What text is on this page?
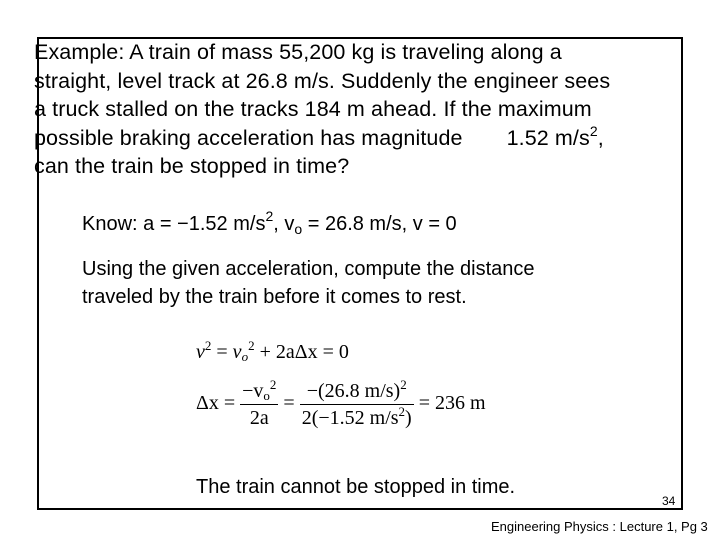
Example: A train of mass 55,200 kg is traveling along a
straight, level track at 26.8 m/s. Suddenly the engineer sees
a truck stalled on the tracks 184 m ahead. If the maximum
possible braking acceleration has magnitude 1.52 $m/s^2$,
can the train be stopped in time?
Know: a = −1.52 $m/s^2$, $v_o = 26.8$ m/s, v = 0
Using the given acceleration, compute the distance
traveled by the train before it comes to rest.
$v^2 = v_o^2 + 2a\Delta x = 0$
$\Delta x = \frac{-v_o^2}{2a} = \frac{-(26.8 m/s)^2}{2(-1.52 m/s^2)} = 236$ m
The train cannot be stopped in time.
34
Engineering Physics : Lecture 1, Pg 3
